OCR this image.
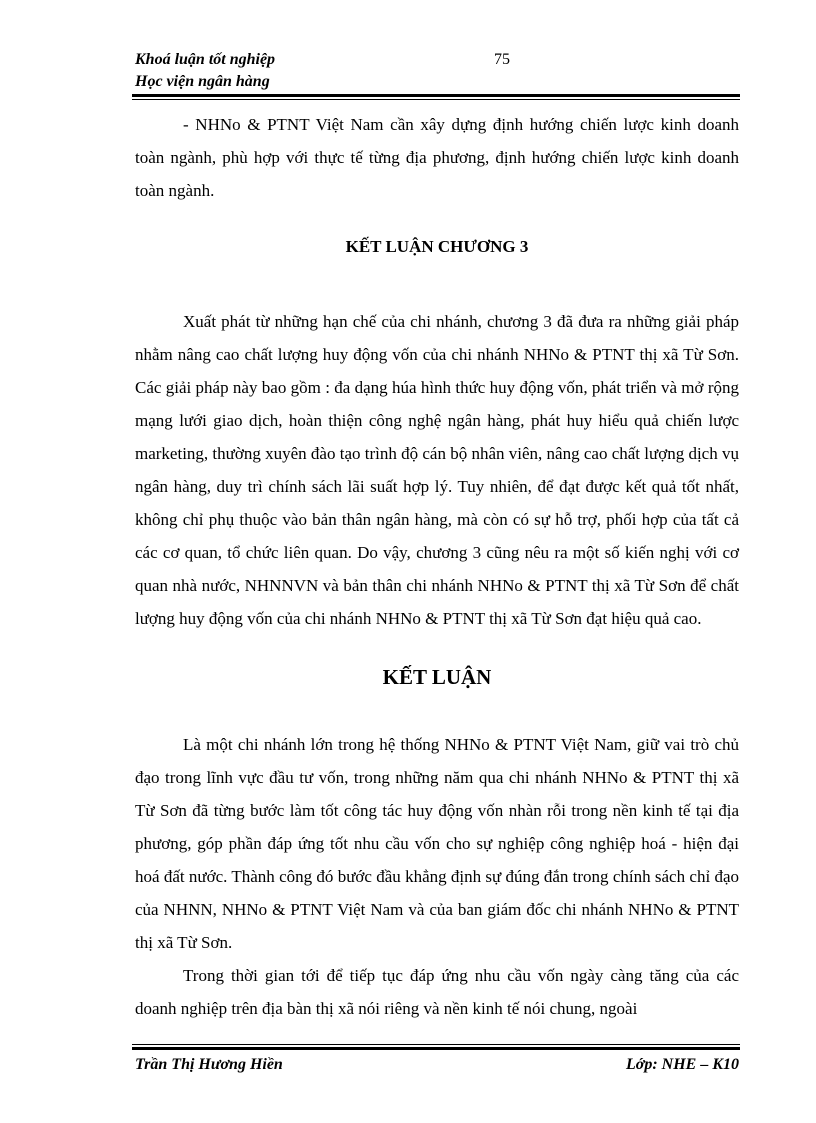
Khoá luận tốt nghiệp
Học viện ngân hàng
75

- NHNo & PTNT Việt Nam cần xây dựng định hướng chiến lược kinh doanh toàn ngành, phù hợp với thực tế từng địa phương, định hướng chiến lược kinh doanh toàn ngành.

KẾT LUẬN CHƯƠNG 3

Xuất phát từ những hạn chế của chi nhánh, chương 3 đã đưa ra những giải pháp nhằm nâng cao chất lượng huy động vốn của chi nhánh NHNo & PTNT thị xã Từ Sơn. Các giải pháp này bao gồm : đa dạng húa hình thức huy động vốn, phát triển và mở rộng mạng lưới giao dịch, hoàn thiện công nghệ ngân hàng, phát huy hiểu quả chiến lược marketing, thường xuyên đào tạo trình độ cán bộ nhân viên, nâng cao chất lượng dịch vụ ngân hàng, duy trì chính sách lãi suất hợp lý. Tuy nhiên, để đạt được kết quả tốt nhất, không chỉ phụ thuộc vào bản thân ngân hàng, mà còn có sự hỗ trợ, phối hợp của tất cả các cơ quan, tổ chức liên quan. Do vậy, chương 3 cũng nêu ra một số kiến nghị với cơ quan nhà nước, NHNNVN và bản thân chi nhánh NHNo & PTNT thị xã Từ Sơn để chất lượng huy động vốn của chi nhánh NHNo & PTNT thị xã Từ Sơn đạt hiệu quả cao.

KẾT LUẬN

Là một chi nhánh lớn trong hệ thống NHNo & PTNT Việt Nam, giữ vai trò chủ đạo trong lĩnh vực đầu tư vốn, trong những năm qua chi nhánh NHNo & PTNT thị xã Từ Sơn đã từng bước làm tốt công tác huy động vốn nhàn rỗi trong nền kinh tế tại địa phương, góp phần đáp ứng tốt nhu cầu vốn cho sự nghiệp công nghiệp hoá - hiện đại hoá đất nước. Thành công đó bước đầu khẳng định sự đúng đắn trong chính sách chỉ đạo của NHNN, NHNo & PTNT Việt Nam và của ban giám đốc chi nhánh NHNo & PTNT thị xã Từ Sơn.

Trong thời gian tới để tiếp tục đáp ứng nhu cầu vốn ngày càng tăng của các doanh nghiệp trên địa bàn thị xã nói riêng và nền kinh tế nói chung, ngoài

Trần Thị Hương Hiền	Lớp: NHE – K10
